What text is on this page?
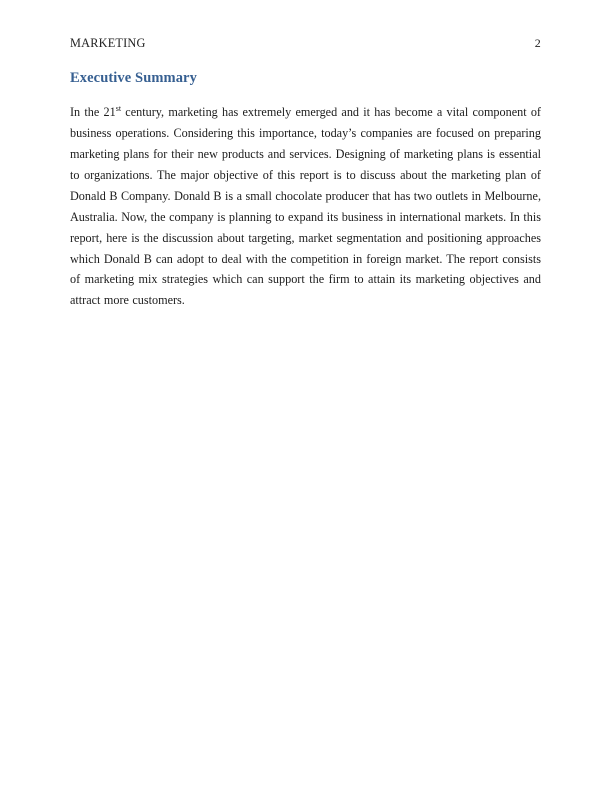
MARKETING	2
Executive Summary

In the 21st century, marketing has extremely emerged and it has become a vital component of business operations. Considering this importance, today’s companies are focused on preparing marketing plans for their new products and services. Designing of marketing plans is essential to organizations. The major objective of this report is to discuss about the marketing plan of Donald B Company. Donald B is a small chocolate producer that has two outlets in Melbourne, Australia. Now, the company is planning to expand its business in international markets. In this report, here is the discussion about targeting, market segmentation and positioning approaches which Donald B can adopt to deal with the competition in foreign market. The report consists of marketing mix strategies which can support the firm to attain its marketing objectives and attract more customers.
